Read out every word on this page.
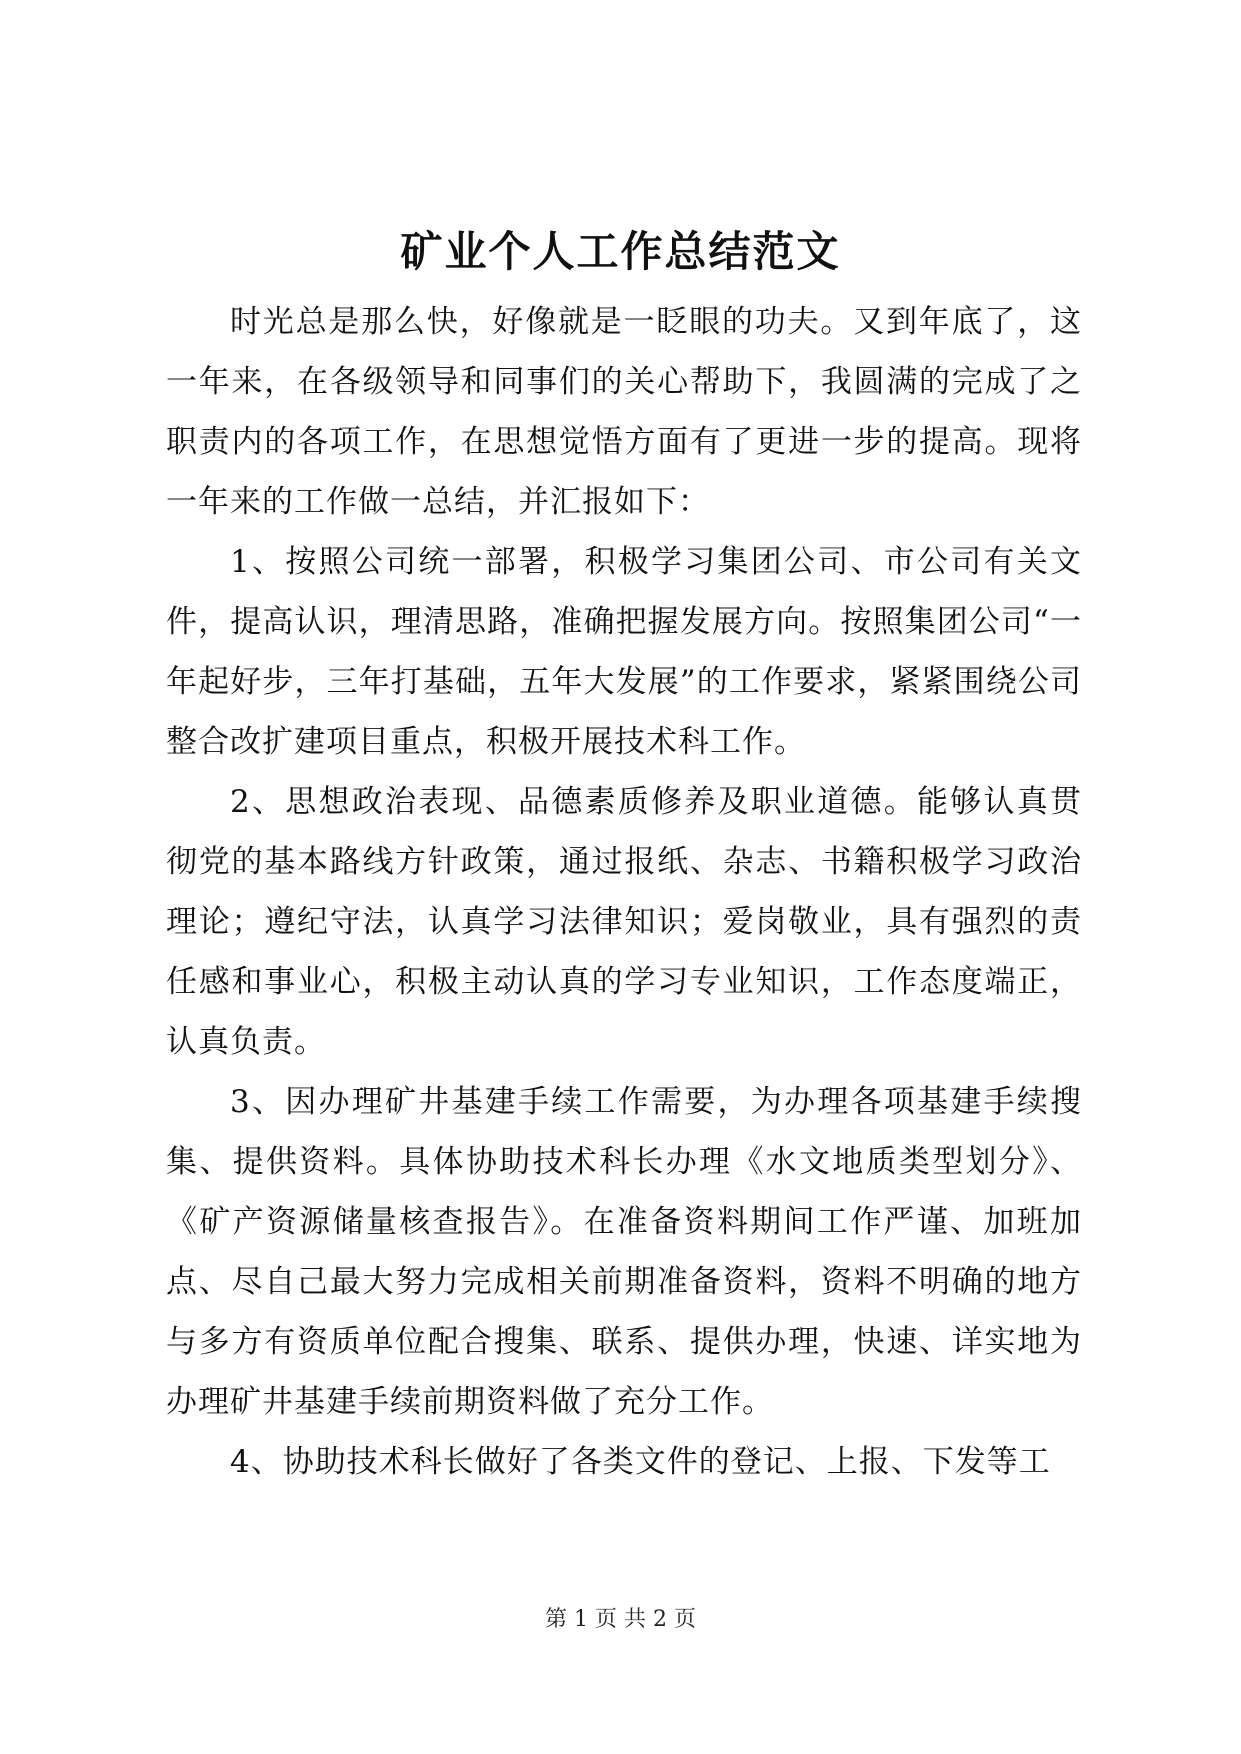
矿业个人工作总结范文

时光总是那么快，好像就是一眨眼的功夫。又到年底了，这一年来，在各级领导和同事们的关心帮助下，我圆满的完成了之职责内的各项工作，在思想觉悟方面有了更进一步的提高。现将一年来的工作做一总结，并汇报如下：

1、按照公司统一部署，积极学习集团公司、市公司有关文件，提高认识，理清思路，准确把握发展方向。按照集团公司“一年起好步，三年打基础，五年大发展”的工作要求，紧紧围绕公司整合改扩建项目重点，积极开展技术科工作。

2、思想政治表现、品德素质修养及职业道德。能够认真贯彻党的基本路线方针政策，通过报纸、杂志、书籍积极学习政治理论；遵纪守法，认真学习法律知识；爱岗敬业，具有强烈的责任感和事业心，积极主动认真的学习专业知识，工作态度端正，认真负责。

3、因办理矿井基建手续工作需要，为办理各项基建手续搜集、提供资料。具体协助技术科长办理《水文地质类型划分》、《矿产资源储量核查报告》。在准备资料期间工作严谨、加班加点、尽自己最大努力完成相关前期准备资料，资料不明确的地方与多方有资质单位配合搜集、联系、提供办理，快速、详实地为办理矿井基建手续前期资料做了充分工作。

4、协助技术科长做好了各类文件的登记、上报、下发等工

第 1 页 共 2 页
